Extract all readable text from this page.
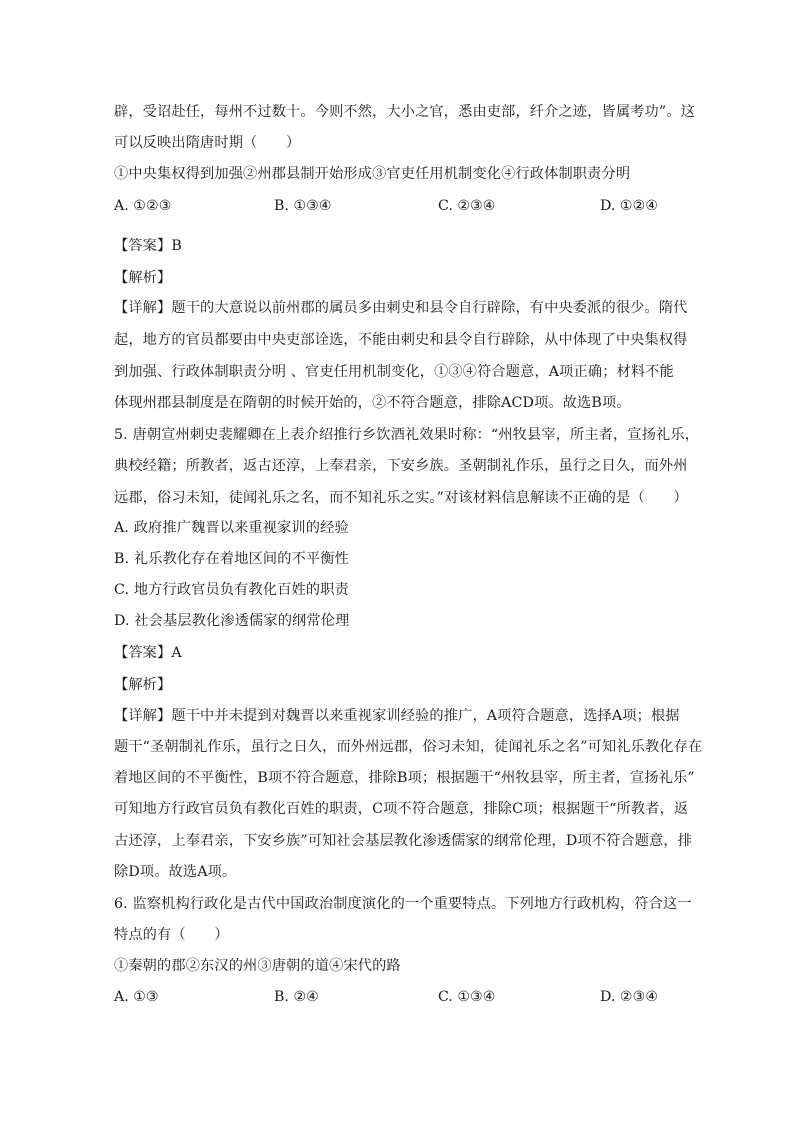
辟，受诏赴任，每州不过数十。今则不然，大小之官，悉由吏部，纤介之迹，皆属考功”。这
可以反映出隋唐时期（　　）
①中央集权得到加强②州郡县制开始形成③官吏任用机制变化④行政体制职责分明
A. ①②③	B. ①③④	C. ②③④	D. ①②④
【答案】B
【解析】
【详解】题干的大意说以前州郡的属员多由刺史和县令自行辟除，有中央委派的很少。隋代
起，地方的官员都要由中央吏部诠选，不能由刺史和县令自行辟除，从中体现了中央集权得
到加强、行政体制职责分明 、官吏任用机制变化，①③④符合题意，A项正确；材料不能
体现州郡县制度是在隋朝的时候开始的，②不符合题意，排除ACD项。故选B项。
5. 唐朝宣州刺史裴耀卿在上表介绍推行乡饮酒礼效果时称：“州牧县宰，所主者，宣扬礼乐，
典校经籍；所教者，返古还淳，上奉君亲，下安乡族。圣朝制礼作乐，虽行之日久，而外州
远郡，俗习未知，徒闻礼乐之名，而不知礼乐之实。”对该材料信息解读不正确的是（　　）
A. 政府推广魏晋以来重视家训的经验
B. 礼乐教化存在着地区间的不平衡性
C. 地方行政官员负有教化百姓的职责
D. 社会基层教化渗透儒家的纲常伦理
【答案】A
【解析】
【详解】题干中并未提到对魏晋以来重视家训经验的推广，A项符合题意，选择A项；根据
题干“圣朝制礼作乐，虽行之日久，而外州远郡，俗习未知，徒闻礼乐之名”可知礼乐教化存在
着地区间的不平衡性，B项不符合题意，排除B项；根据题干“州牧县宰，所主者，宣扬礼乐”
可知地方行政官员负有教化百姓的职责，C项不符合题意，排除C项；根据题干“所教者，返
古还淳，上奉君亲，下安乡族”可知社会基层教化渗透儒家的纲常伦理，D项不符合题意，排
除D项。故选A项。
6. 监察机构行政化是古代中国政治制度演化的一个重要特点。下列地方行政机构，符合这一
特点的有（　　）
①秦朝的郡②东汉的州③唐朝的道④宋代的路
A. ①③	B. ②④	C. ①③④	D. ②③④
